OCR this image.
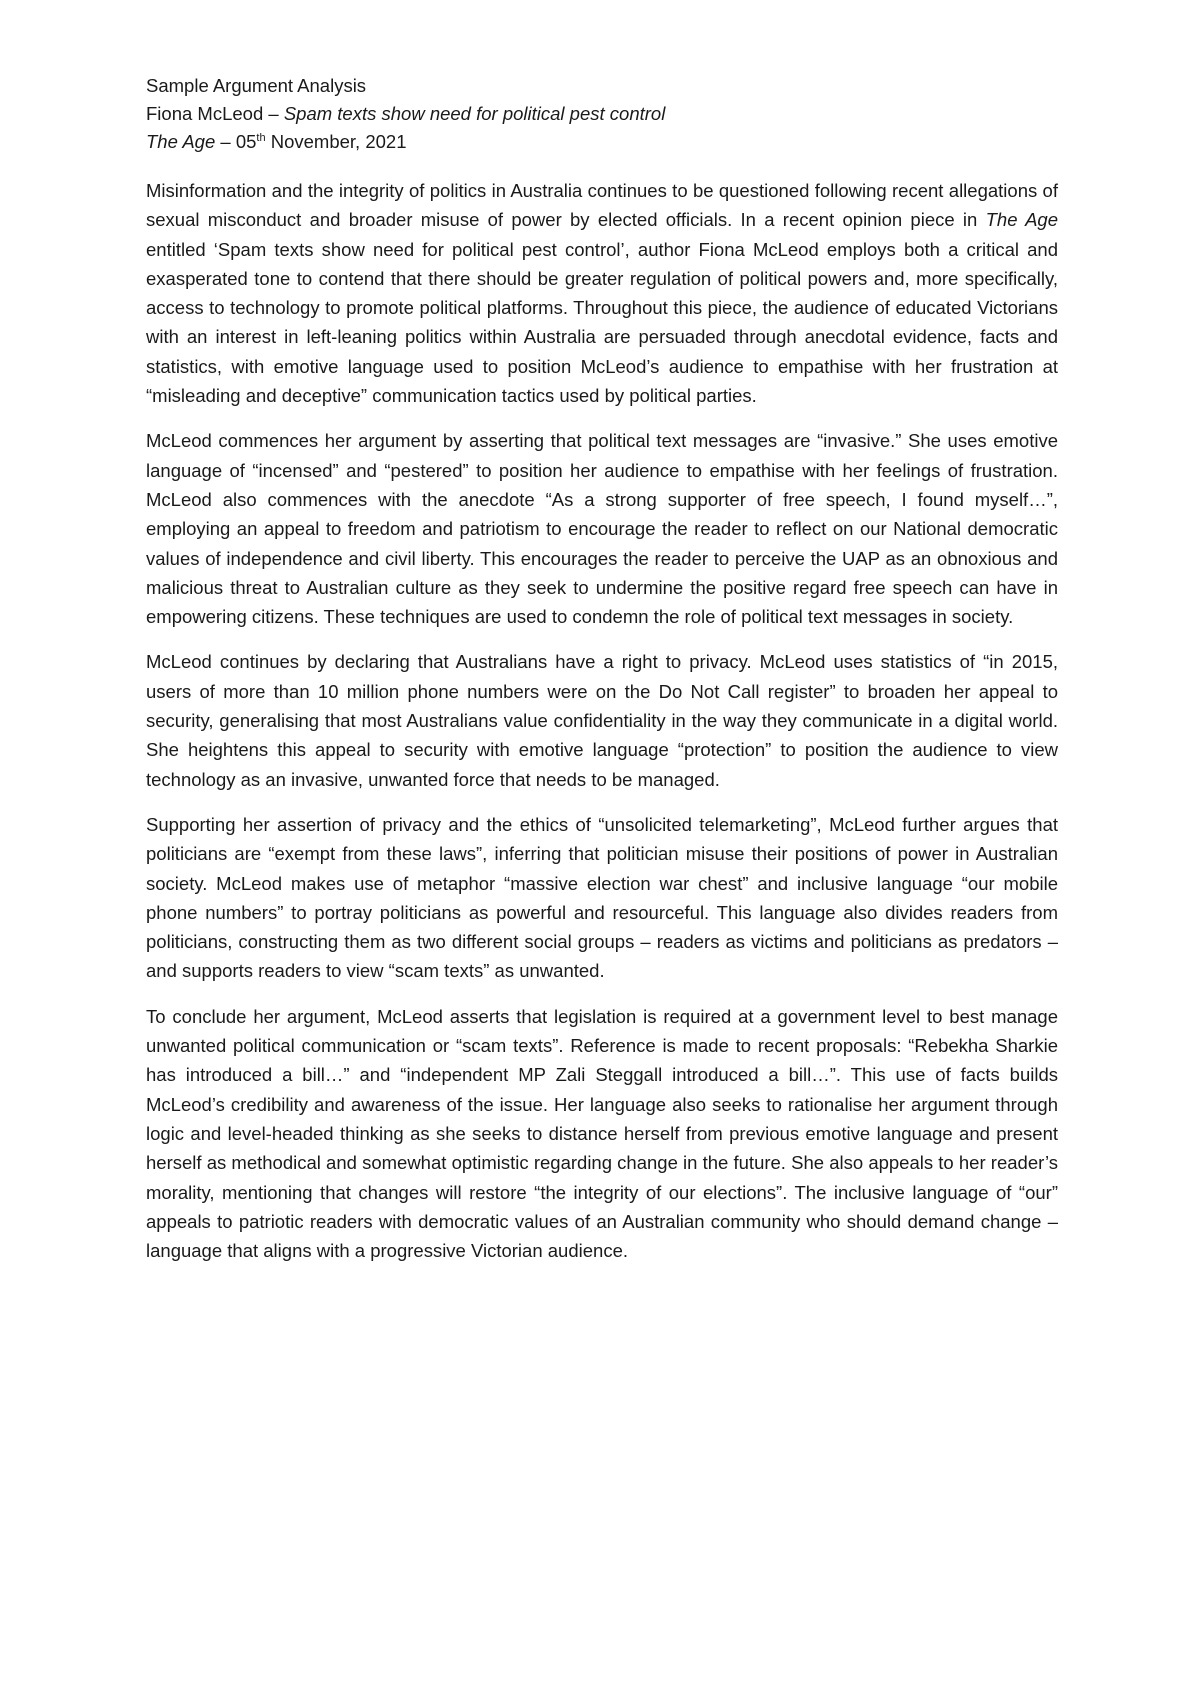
Sample Argument Analysis

Fiona McLeod – Spam texts show need for political pest control

The Age – 05th November, 2021

Misinformation and the integrity of politics in Australia continues to be questioned following recent allegations of sexual misconduct and broader misuse of power by elected officials. In a recent opinion piece in The Age entitled ‘Spam texts show need for political pest control’, author Fiona McLeod employs both a critical and exasperated tone to contend that there should be greater regulation of political powers and, more specifically, access to technology to promote political platforms. Throughout this piece, the audience of educated Victorians with an interest in left-leaning politics within Australia are persuaded through anecdotal evidence, facts and statistics, with emotive language used to position McLeod’s audience to empathise with her frustration at “misleading and deceptive” communication tactics used by political parties.

McLeod commences her argument by asserting that political text messages are “invasive.” She uses emotive language of “incensed” and “pestered” to position her audience to empathise with her feelings of frustration. McLeod also commences with the anecdote “As a strong supporter of free speech, I found myself…”, employing an appeal to freedom and patriotism to encourage the reader to reflect on our National democratic values of independence and civil liberty. This encourages the reader to perceive the UAP as an obnoxious and malicious threat to Australian culture as they seek to undermine the positive regard free speech can have in empowering citizens. These techniques are used to condemn the role of political text messages in society.

McLeod continues by declaring that Australians have a right to privacy. McLeod uses statistics of “in 2015, users of more than 10 million phone numbers were on the Do Not Call register” to broaden her appeal to security, generalising that most Australians value confidentiality in the way they communicate in a digital world. She heightens this appeal to security with emotive language “protection” to position the audience to view technology as an invasive, unwanted force that needs to be managed.

Supporting her assertion of privacy and the ethics of “unsolicited telemarketing”, McLeod further argues that politicians are “exempt from these laws”, inferring that politician misuse their positions of power in Australian society. McLeod makes use of metaphor “massive election war chest” and inclusive language “our mobile phone numbers” to portray politicians as powerful and resourceful. This language also divides readers from politicians, constructing them as two different social groups – readers as victims and politicians as predators – and supports readers to view “scam texts” as unwanted.

To conclude her argument, McLeod asserts that legislation is required at a government level to best manage unwanted political communication or “scam texts”. Reference is made to recent proposals: “Rebekha Sharkie has introduced a bill…” and “independent MP Zali Steggall introduced a bill…”. This use of facts builds McLeod’s credibility and awareness of the issue. Her language also seeks to rationalise her argument through logic and level-headed thinking as she seeks to distance herself from previous emotive language and present herself as methodical and somewhat optimistic regarding change in the future. She also appeals to her reader’s morality, mentioning that changes will restore “the integrity of our elections”. The inclusive language of “our” appeals to patriotic readers with democratic values of an Australian community who should demand change – language that aligns with a progressive Victorian audience.
